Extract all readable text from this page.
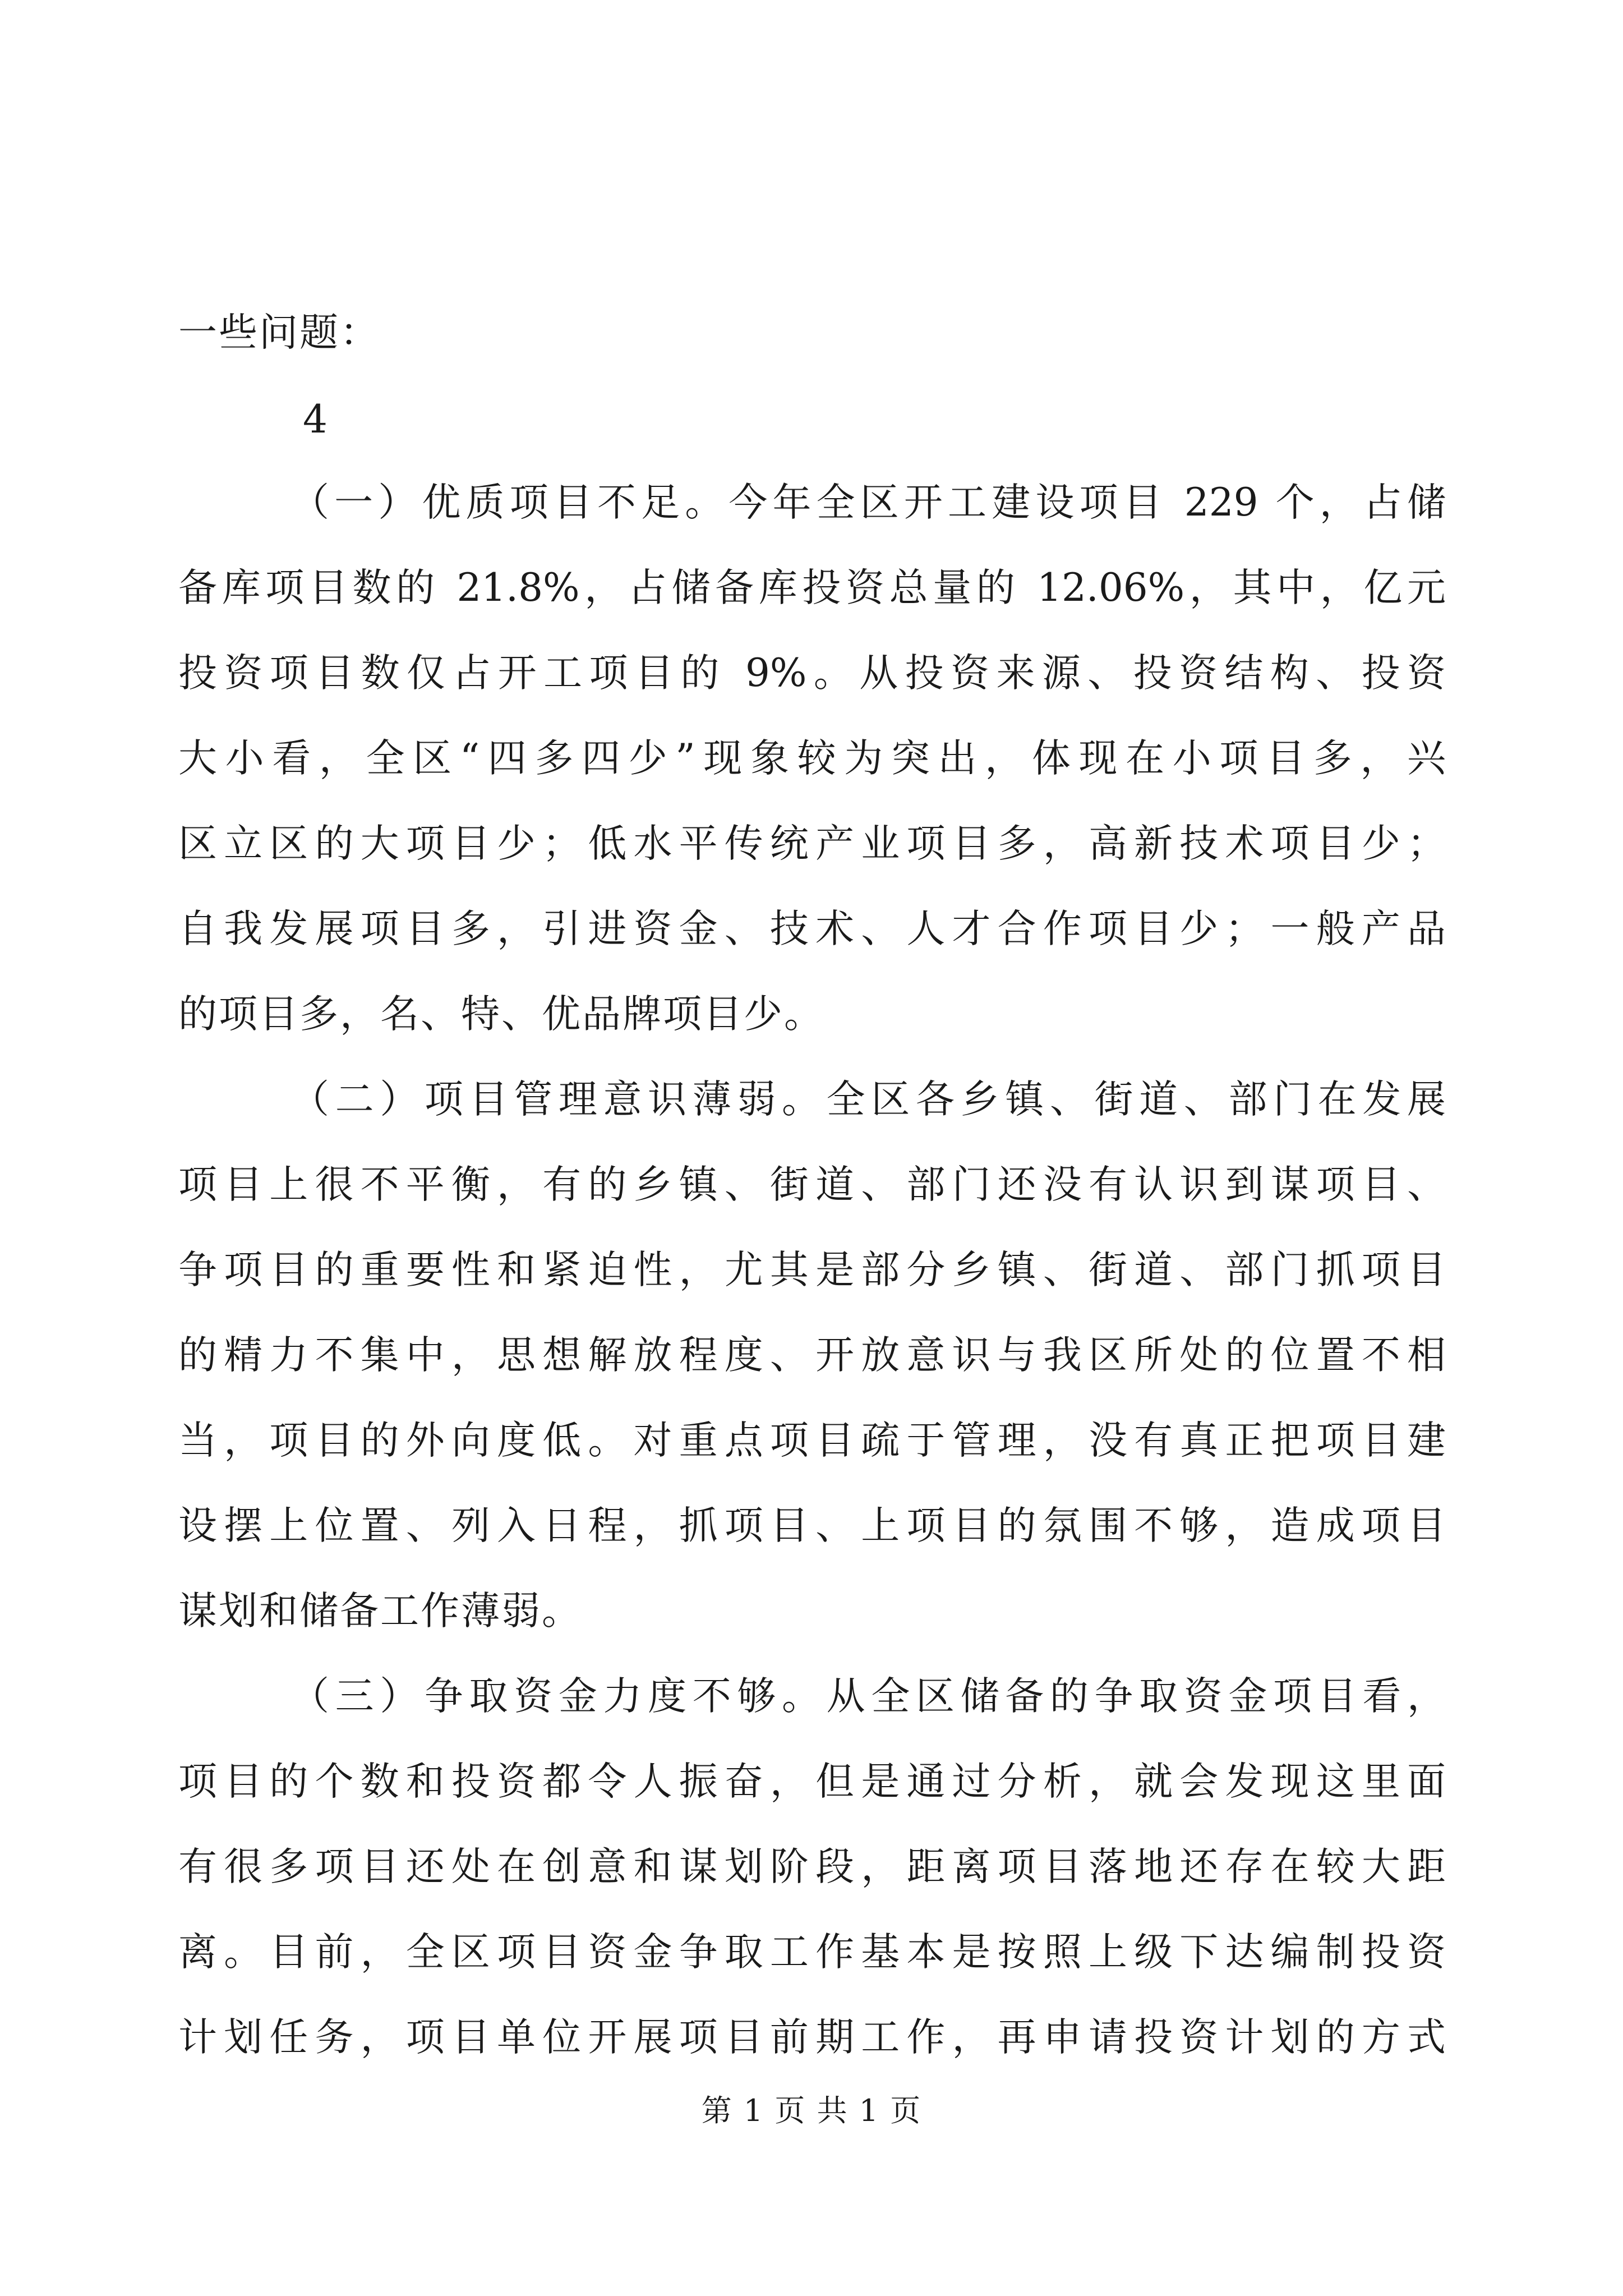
一些问题：
4
（一）优质项目不足。今年全区开工建设项目 229 个，占储
备库项目数的 21.8%，占储备库投资总量的 12.06%，其中，亿元
投资项目数仅占开工项目的 9%。从投资来源、投资结构、投资
大小看，全区“四多四少”现象较为突出，体现在小项目多，兴
区立区的大项目少；低水平传统产业项目多，高新技术项目少；
自我发展项目多，引进资金、技术、人才合作项目少；一般产品
的项目多，名、特、优品牌项目少。
（二）项目管理意识薄弱。全区各乡镇、街道、部门在发展
项目上很不平衡，有的乡镇、街道、部门还没有认识到谋项目、
争项目的重要性和紧迫性，尤其是部分乡镇、街道、部门抓项目
的精力不集中，思想解放程度、开放意识与我区所处的位置不相
当，项目的外向度低。对重点项目疏于管理，没有真正把项目建
设摆上位置、列入日程，抓项目、上项目的氛围不够，造成项目
谋划和储备工作薄弱。
（三）争取资金力度不够。从全区储备的争取资金项目看，
项目的个数和投资都令人振奋，但是通过分析，就会发现这里面
有很多项目还处在创意和谋划阶段，距离项目落地还存在较大距
离。目前，全区项目资金争取工作基本是按照上级下达编制投资
计划任务，项目单位开展项目前期工作，再申请投资计划的方式
第 1 页 共 1 页
